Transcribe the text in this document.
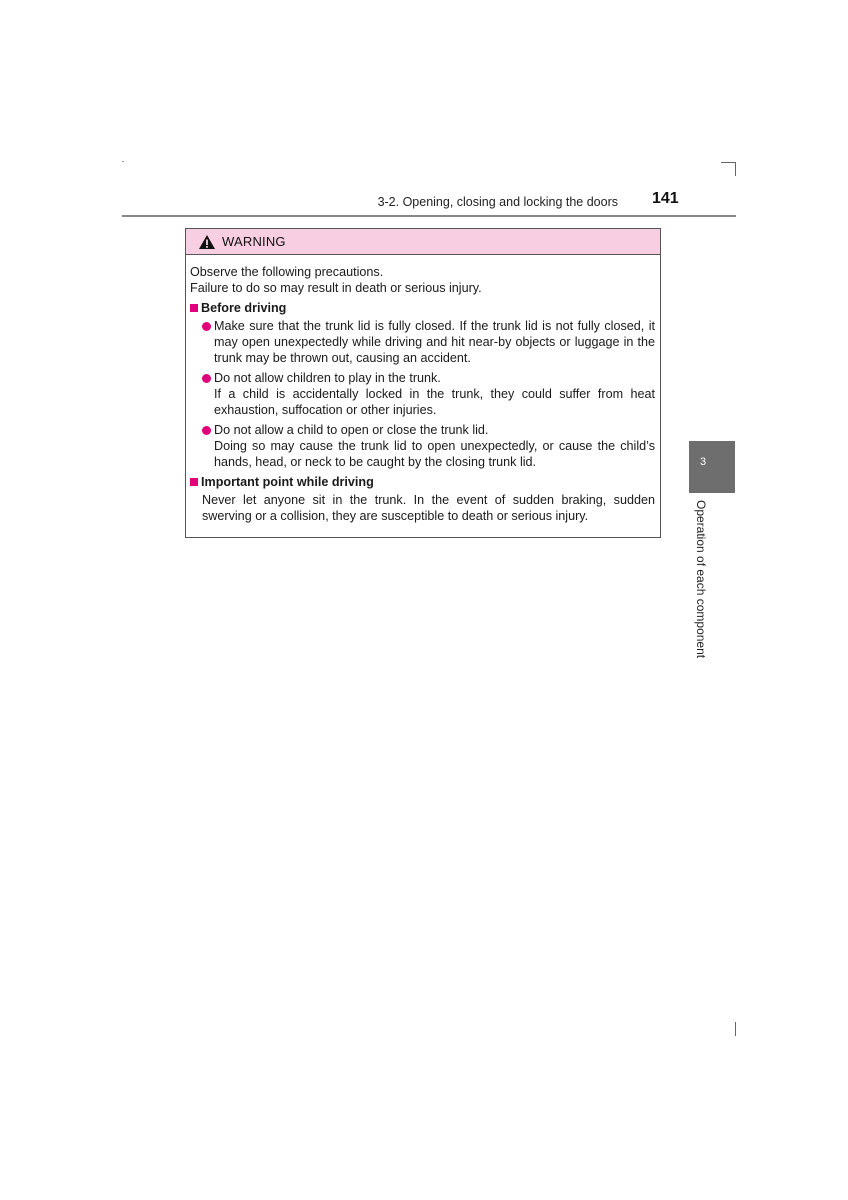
3-2. Opening, closing and locking the doors 141
WARNING
Observe the following precautions.
Failure to do so may result in death or serious injury.
Before driving
Make sure that the trunk lid is fully closed. If the trunk lid is not fully closed, it may open unexpectedly while driving and hit near-by objects or luggage in the trunk may be thrown out, causing an accident.
Do not allow children to play in the trunk.
If a child is accidentally locked in the trunk, they could suffer from heat exhaustion, suffocation or other injuries.
Do not allow a child to open or close the trunk lid.
Doing so may cause the trunk lid to open unexpectedly, or cause the child’s hands, head, or neck to be caught by the closing trunk lid.
Important point while driving
Never let anyone sit in the trunk. In the event of sudden braking, sudden swerving or a collision, they are susceptible to death or serious injury.
3
Operation of each component
